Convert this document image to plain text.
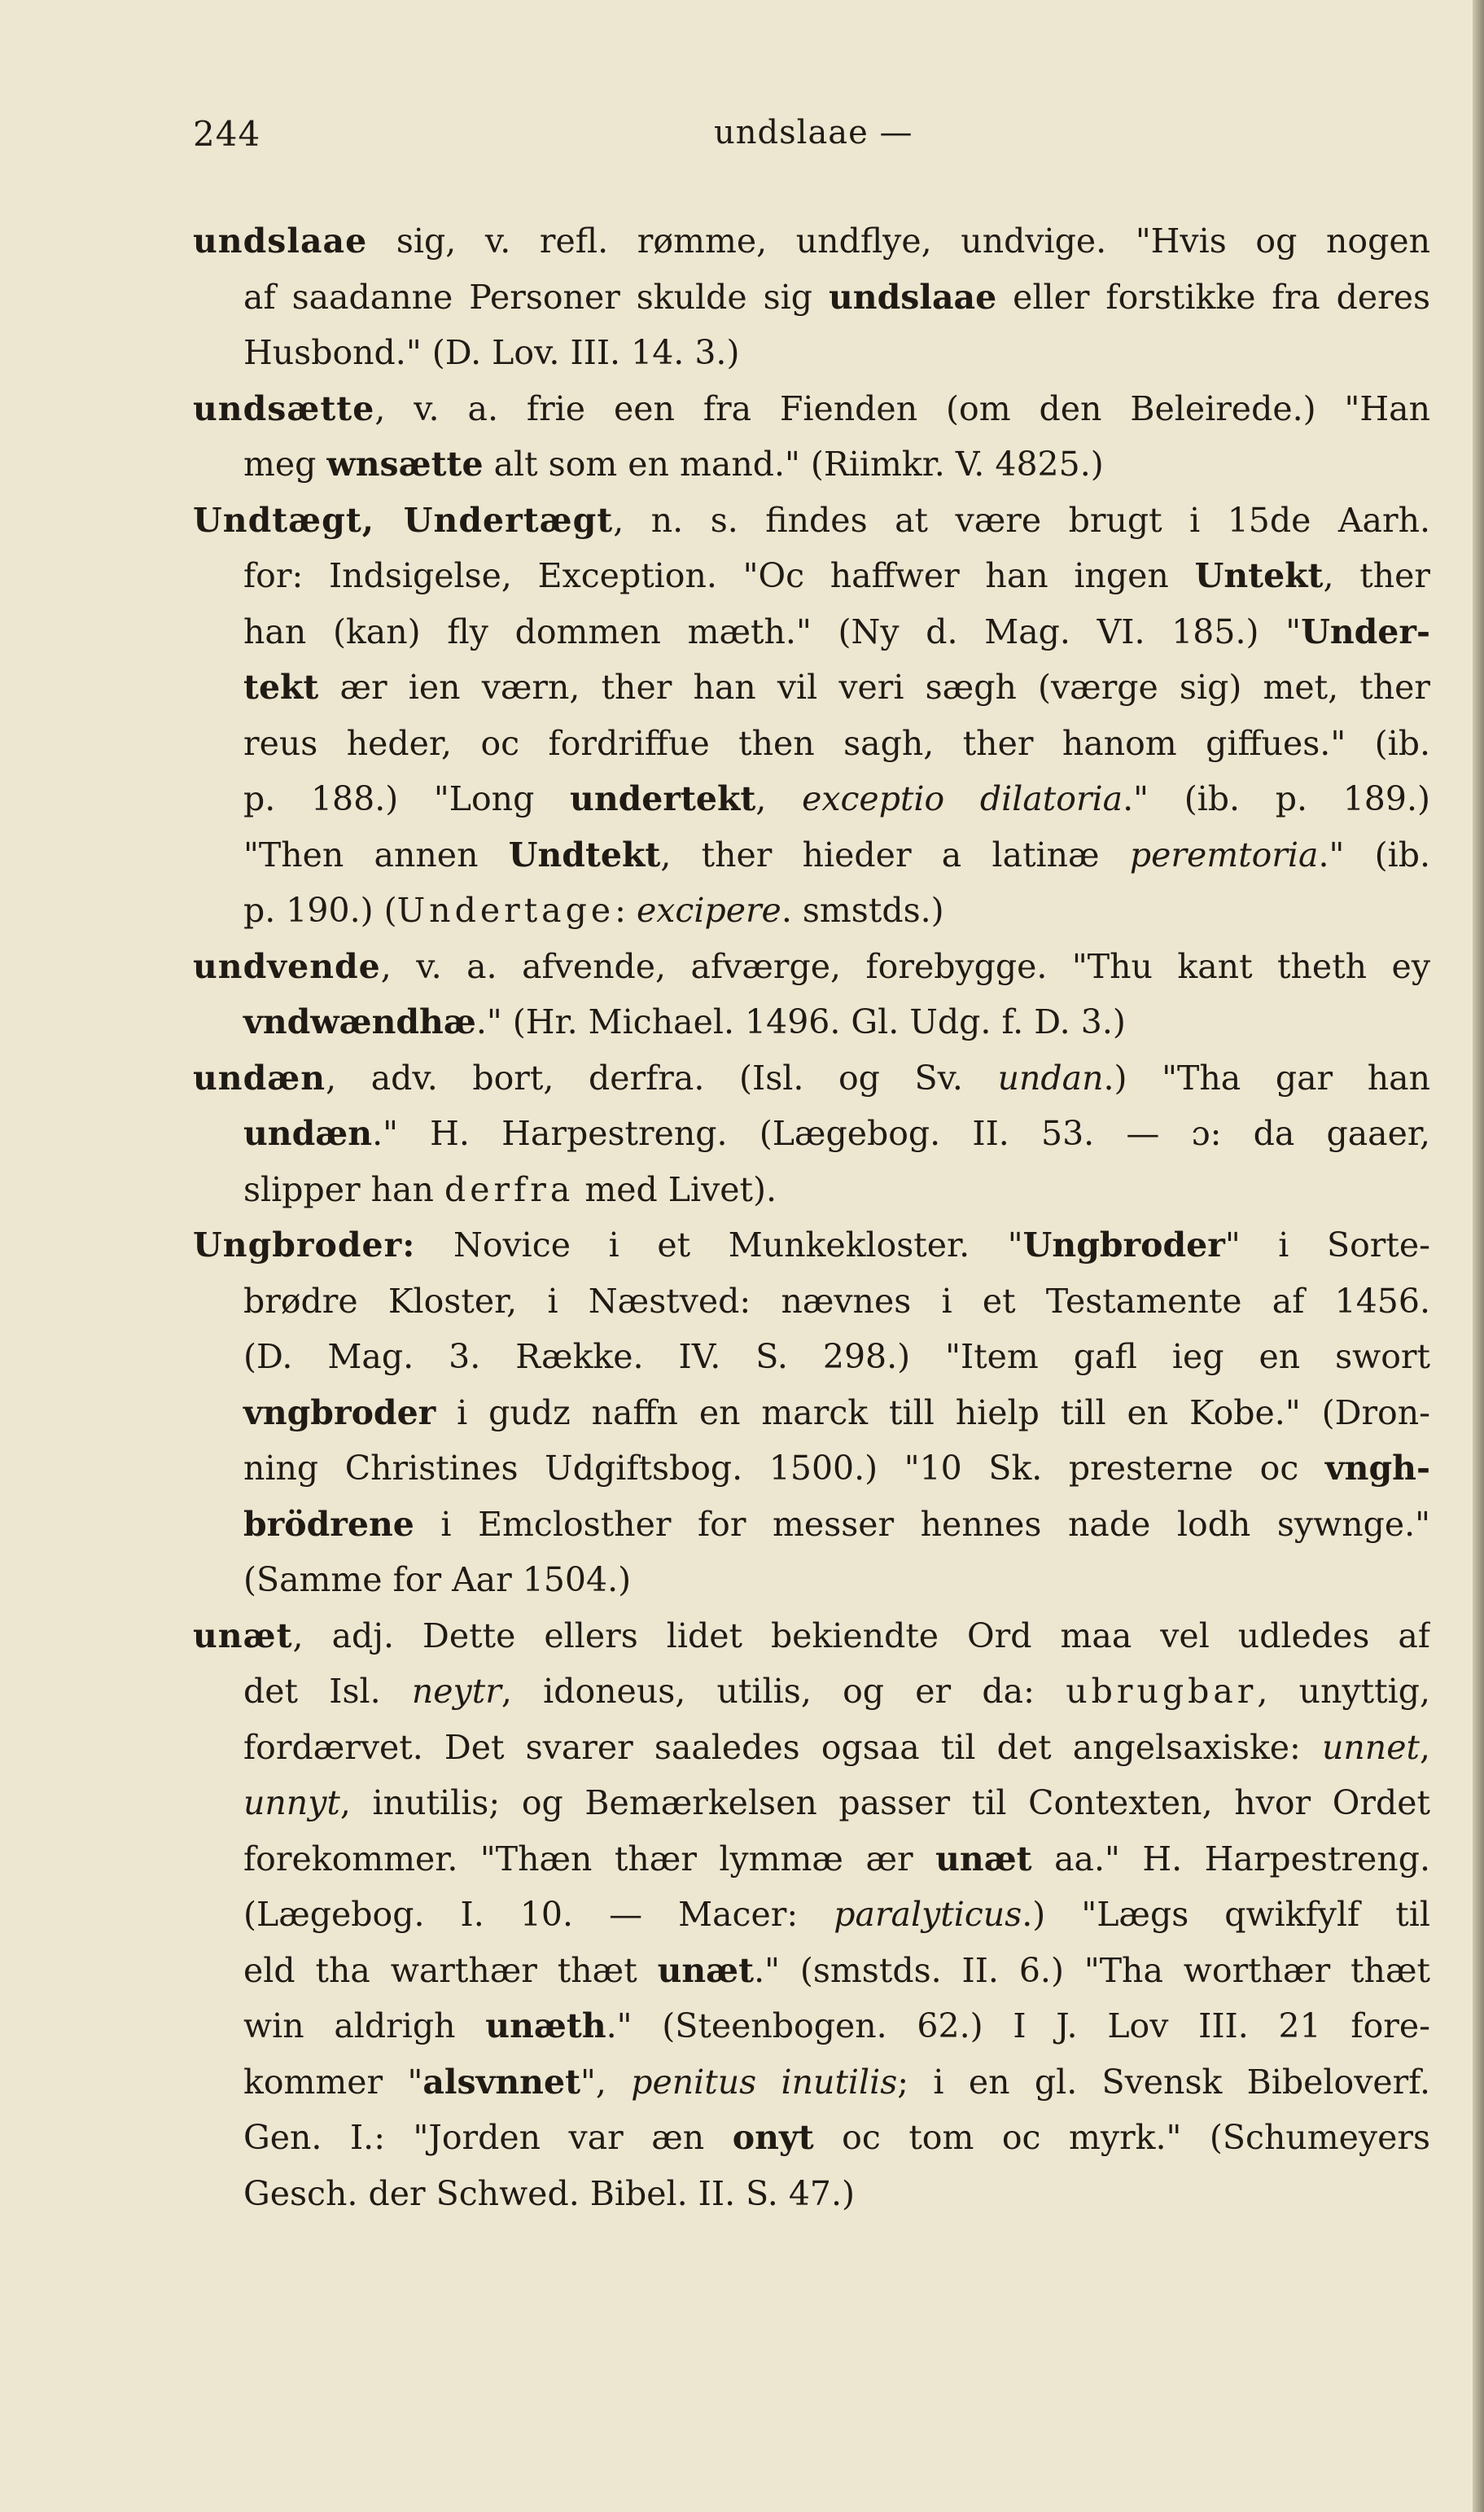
244	undslaae —
undslaae sig, v. refl. rømme, undflye, undvige. "Hvis og nogen
af saadanne Personer skulde sig undslaae eller forstikke fra deres
Husbond." (D. Lov. III. 14. 3.)
undsætte, v. a. frie een fra Fienden (om den Beleirede.) "Han
meg wnsætte alt som en mand." (Riimkr. V. 4825.)
Undtægt, Undertægt, n. s. findes at være brugt i 15de Aarh.
for: Indsigelse, Exception. "Oc haffwer han ingen Untekt, ther
han (kan) fly dommen mæth." (Ny d. Mag. VI. 185.) "Under-
tekt ær ien værn, ther han vil veri sægh (værge sig) met, ther
reus heder, oc fordriffue then sagh, ther hanom giffues." (ib.
p. 188.) "Long undertekt, exceptio dilatoria." (ib. p. 189.)
"Then annen Undtekt, ther hieder a latinæ peremtoria." (ib.
p. 190.) (Undertage: excipere. smstds.)
undvende, v. a. afvende, afværge, forebygge. "Thu kant theth ey
vndwændhæ." (Hr. Michael. 1496. Gl. Udg. f. D. 3.)
undæn, adv. bort, derfra. (Isl. og Sv. undan.) "Tha gar han
undæn." H. Harpestreng. (Lægebog. II. 53. — ɔ: da gaaer,
slipper han derfra med Livet).
Ungbroder: Novice i et Munkekloster. "Ungbroder" i Sorte-
brødre Kloster, i Næstved: nævnes i et Testamente af 1456.
(D. Mag. 3. Række. IV. S. 298.) "Item gafl ieg en swort
vngbroder i gudz naffn en marck till hielp till en Kobe." (Dron-
ning Christines Udgiftsbog. 1500.) "10 Sk. presterne oc vngh-
brödrene i Emclosther for messer hennes nade lodh sywnge."
(Samme for Aar 1504.)
unæt, adj. Dette ellers lidet bekiendte Ord maa vel udledes af
det Isl. neytr, idoneus, utilis, og er da: ubrugbar, unyttig,
fordærvet. Det svarer saaledes ogsaa til det angelsaxiske: unnet,
unnyt, inutilis; og Bemærkelsen passer til Contexten, hvor Ordet
forekommer. "Thæn thær lymmæ ær unæt aa." H. Harpestreng.
(Lægebog. I. 10. — Macer: paralyticus.) "Lægs qwikfylf til
eld tha warthær thæt unæt." (smstds. II. 6.) "Tha worthær thæt
win aldrigh unæth." (Steenbogen. 62.) I J. Lov III. 21 fore-
kommer "alsvnnet", penitus inutilis; i en gl. Svensk Bibeloverf.
Gen. I.: "Jorden var æn onyt oc tom oc myrk." (Schumeyers
Gesch. der Schwed. Bibel. II. S. 47.)
